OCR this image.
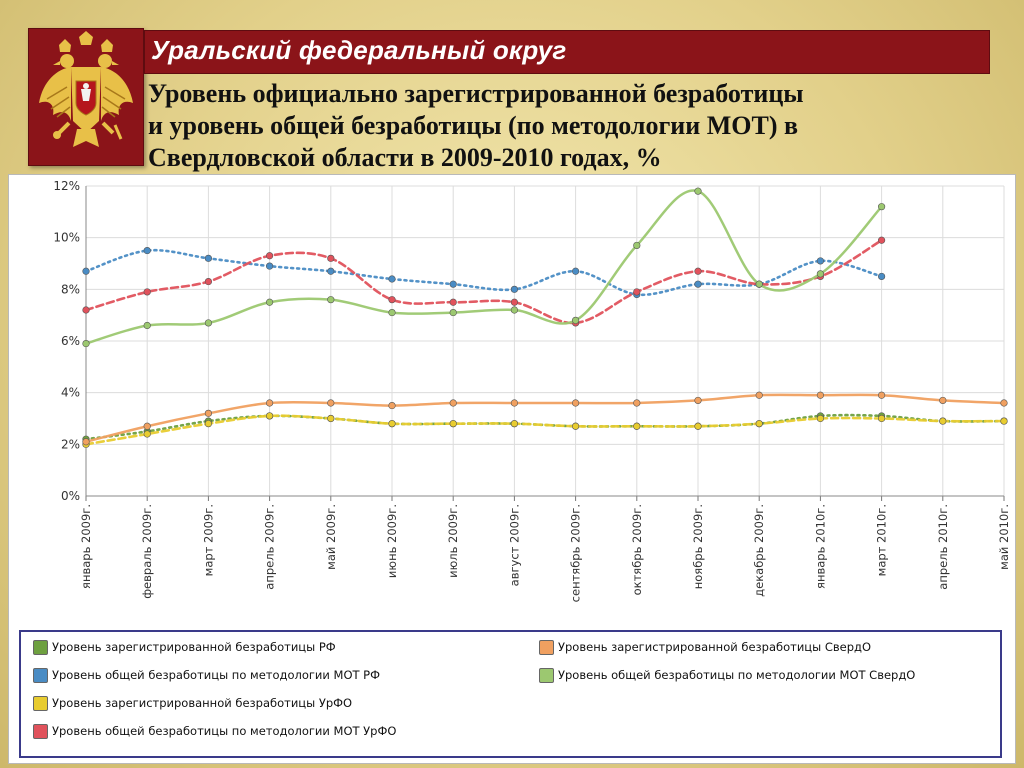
Уральский федеральный округ
Уровень официально зарегистрированной безработицы
и уровень общей безработицы (по методологии МОТ) в
Свердловской области в 2009-2010 годах, %
0%
2%
4%
6%
8%
10%
12%
январь 2009г.	февраль 2009г.	март 2009г.	апрель 2009г.	май 2009г.	июнь 2009г.	июль 2009г.	август 2009г.	сентябрь 2009г.	октябрь 2009г.	ноябрь 2009г.	декабрь 2009г.	январь 2010г.	март 2010г.	апрель 2010г.	май 2010г.
Уровень зарегистрированной безработицы РФ	Уровень зарегистрированной безработицы СвердО
Уровень общей безработицы по методологии МОТ РФ	Уровень общей безработицы по методологии МОТ СвердО
Уровень зарегистрированной безработицы УрФО
Уровень общей безработицы по методологии МОТ УрФО
